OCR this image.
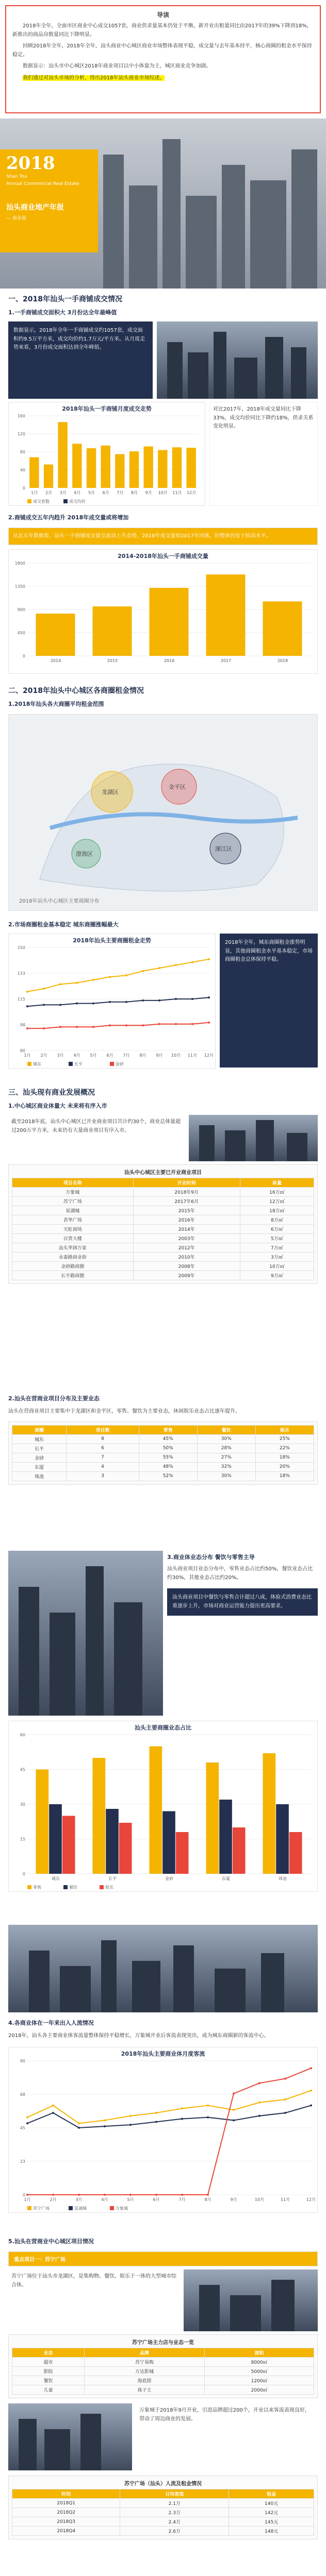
导读

2018年全年，全面市区商业中心成交1057套，商业供求量基本仍处于平衡，新开业出租量同比由2017年的39%下降到18%，新推出的商品房数量同比下降明显。

回顾2018年全年，2018年全年，汕头商业中心城区商业市场整体表现平稳，成交量与去年基本持平，核心商圈的租金水平保持稳定。

数据显示：汕头市中心城区2018年商业项目以中小体量为主，城区商业竞争加剧。

我们通过对汕头市场的分析，得出2018年汕头商业市场综述。

2018
Shan Tou
Annual Commercial Real Estate
汕头商业地产年报
— 商业篇
一、2018年汕头一手商铺成交情况
1.一手商铺成交面积大 3月份达全年最峰值
数据显示，2018年全年一手商铺成交约1057套，成交面积约9.5万平方米，成交均价约1.7万元/平方米。从月度走势来看，3月份成交面积达到全年峰值。
2018年汕头一手商铺月度成交走势
0
40
80
120
160
1月 2月 3月 4月 5月 6月 7月 8月 9月 10月 11月 12月
成交套数	成交均价
对比2017年，2018年成交量同比下降33%，成交均价同比下降约18%，供求关系变化明显。
2.商铺成交五年内趋升 2018年成交量或将增加
从近五年数据看，汕头一手商铺成交量呈波动上升态势，2018年成交量较2017年回落，但整体仍处于较高水平。
2014-2018年汕头一手商铺成交量
0
450
900
1350
1800
2014	2015	2016	2017	2018
二、2018年汕头中心城区各商圈租金情况
1.2018年汕头各大商圈平均租金范围
龙湖区
金平区
濠江区
澄海区
2018年汕头中心城区主要商圈分布
2.市场商圈租金基本稳定 城东商圈涨幅最大
2018年汕头主要商圈租金走势
80
98
115
133
150
1月 2月 3月 4月 5月 6月 7月 8月 9月 10月 11月 12月
城东	长平	金砂
2018年全年，城东商圈租金涨势明显，其他商圈租金水平基本稳定，市场商圈租金总体保持平稳。
三、汕头现有商业发展概况
1.中心城区商业体量大 未来将有序入市
截至2018年底，汕头中心城区已开业商业项目共计约30个，商业总体量超过200万平方米，未来仍有大量商业项目有序入市。
汕头中心城区主要已开业商业项目
项目名称	开业时间	体量
万象城	2018年9月	16万㎡
苏宁广场	2017年6月	12万㎡
星湖城	2015年	18万㎡
君华广场	2016年	8万㎡
天虹商场	2014年	6万㎡
百货大楼	2003年	5万㎡
汕头华润万家	2012年	7万㎡
永泰路商业街	2010年	3万㎡
金砂路商圈	2008年	10万㎡
长平路商圈	2009年	9万㎡
2.汕头在营商业项目分布及主要业态
汕头在营商业项目主要集中于龙湖区和金平区，零售、餐饮为主要业态，休闲娱乐业态占比逐年提升。
商圈	项目数	零售	餐饮	娱乐
城东	8	45%	30%	25%
长平	6	50%	28%	22%
金砂	7	55%	27%	18%
东厦	4	48%	32%	20%
珠池	3	52%	30%	18%
3.商业体业态分布 餐饮与零售主导
汕头商业项目业态分布中，零售业态占比约50%，餐饮业态占比约30%，其他业态占比约20%。
汕头商业项目中餐饮与零售合计超过八成，体验式消费业态比重逐步上升，市场对商业运营能力提出更高要求。
汕头主要商圈业态占比
0
15
30
45
60
城东	长平	金砂	东厦	珠池
零售	餐饮	娱乐
4.各商业体在一年来出入人流情况
2018年，汕头各主要商业体客流量整体保持平稳增长，万象城开业后客流表现突出，成为城东商圈新的客流中心。
2018年汕头主要商业体月度客流
0
23
45
68
90
1月	2月	3月	4月	5月	6月	7月	8月	9月	10月	11月	12月
苏宁广场	星湖城	万象城
5.汕头在营商业中心城区项目情况
重点项目一：苏宁广场
苏宁广场位于汕头市龙湖区，是集购物、餐饮、娱乐于一体的大型城市综合体。
苏宁广场主力店与业态一览
业态	品牌	面积
超市	苏宁易购	8000㎡
影院	万达影城	5000㎡
餐饮	海底捞	1200㎡
儿童	孩子王	2000㎡
万象城于2018年9月开业，引进品牌超过200个，开业以来客流表现良好，带动了周边商业的发展。
苏宁广场（汕头）人流及租金情况
时间	日均客流	租金
2018Q1	2.1万	140元
2018Q2	2.3万	142元
2018Q3	2.4万	145元
2018Q4	2.6万	148元
